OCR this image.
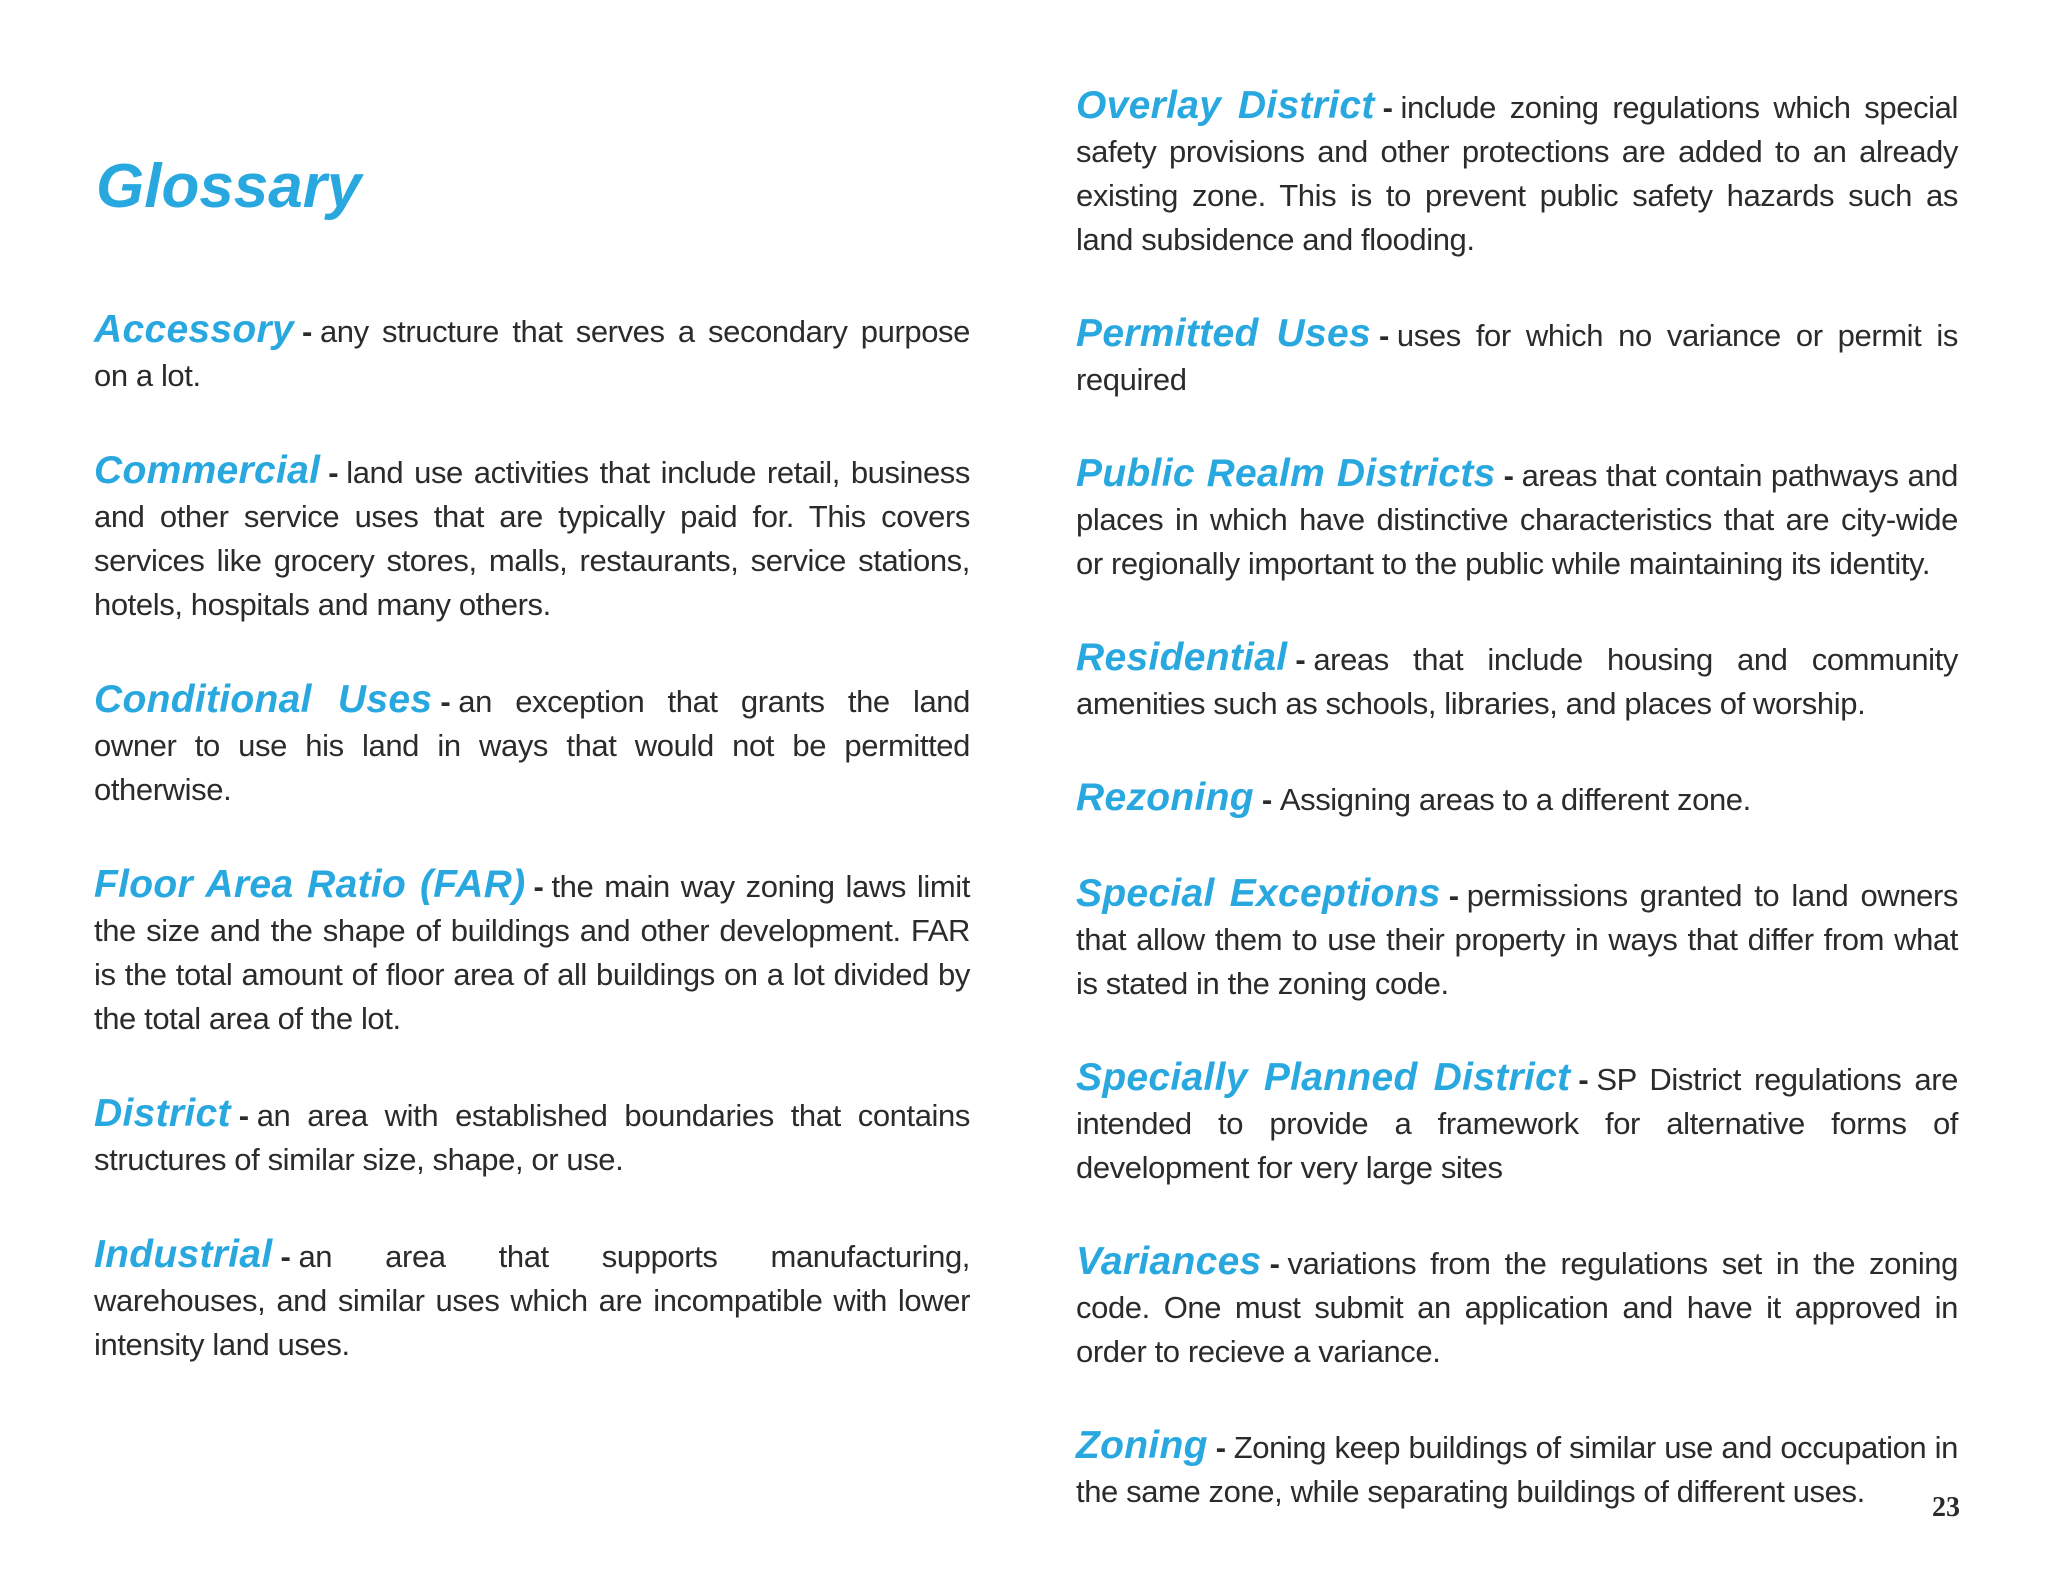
Glossary

Accessory - any structure that serves a secondary purpose on a lot.

Commercial - land use activities that include retail, business and other service uses that are typically paid for. This covers services like grocery stores, malls, restaurants, service stations, hotels, hospitals and many others.

Conditional Uses - an exception that grants the land owner to use his land in ways that would not be permitted otherwise.

Floor Area Ratio (FAR) - the main way zoning laws limit the size and the shape of buildings and other development. FAR is the total amount of floor area of all buildings on a lot divided by the total area of the lot.

District - an area with established boundaries that contains structures of similar size, shape, or use.

Industrial - an area that supports manufacturing, warehouses, and similar uses which are incompatible with lower intensity land uses.

Overlay District - include zoning regulations which special safety provisions and other protections are added to an already existing zone. This is to prevent public safety hazards such as land subsidence and flooding.

Permitted Uses - uses for which no variance or permit is required

Public Realm Districts - areas that contain pathways and places in which have distinctive characteristics that are city-wide or regionally important to the public while maintaining its identity.

Residential - areas that include housing and community amenities such as schools, libraries, and places of worship.

Rezoning - Assigning areas to a different zone.

Special Exceptions - permissions granted to land owners that allow them to use their property in ways that differ from what is stated in the zoning code.

Specially Planned District - SP District regulations are intended to provide a framework for alternative forms of development for very large sites

Variances - variations from the regulations set in the zoning code. One must submit an application and have it approved in order to recieve a variance.

Zoning - Zoning keep buildings of similar use and occupation in the same zone, while separating buildings of different uses.	23
